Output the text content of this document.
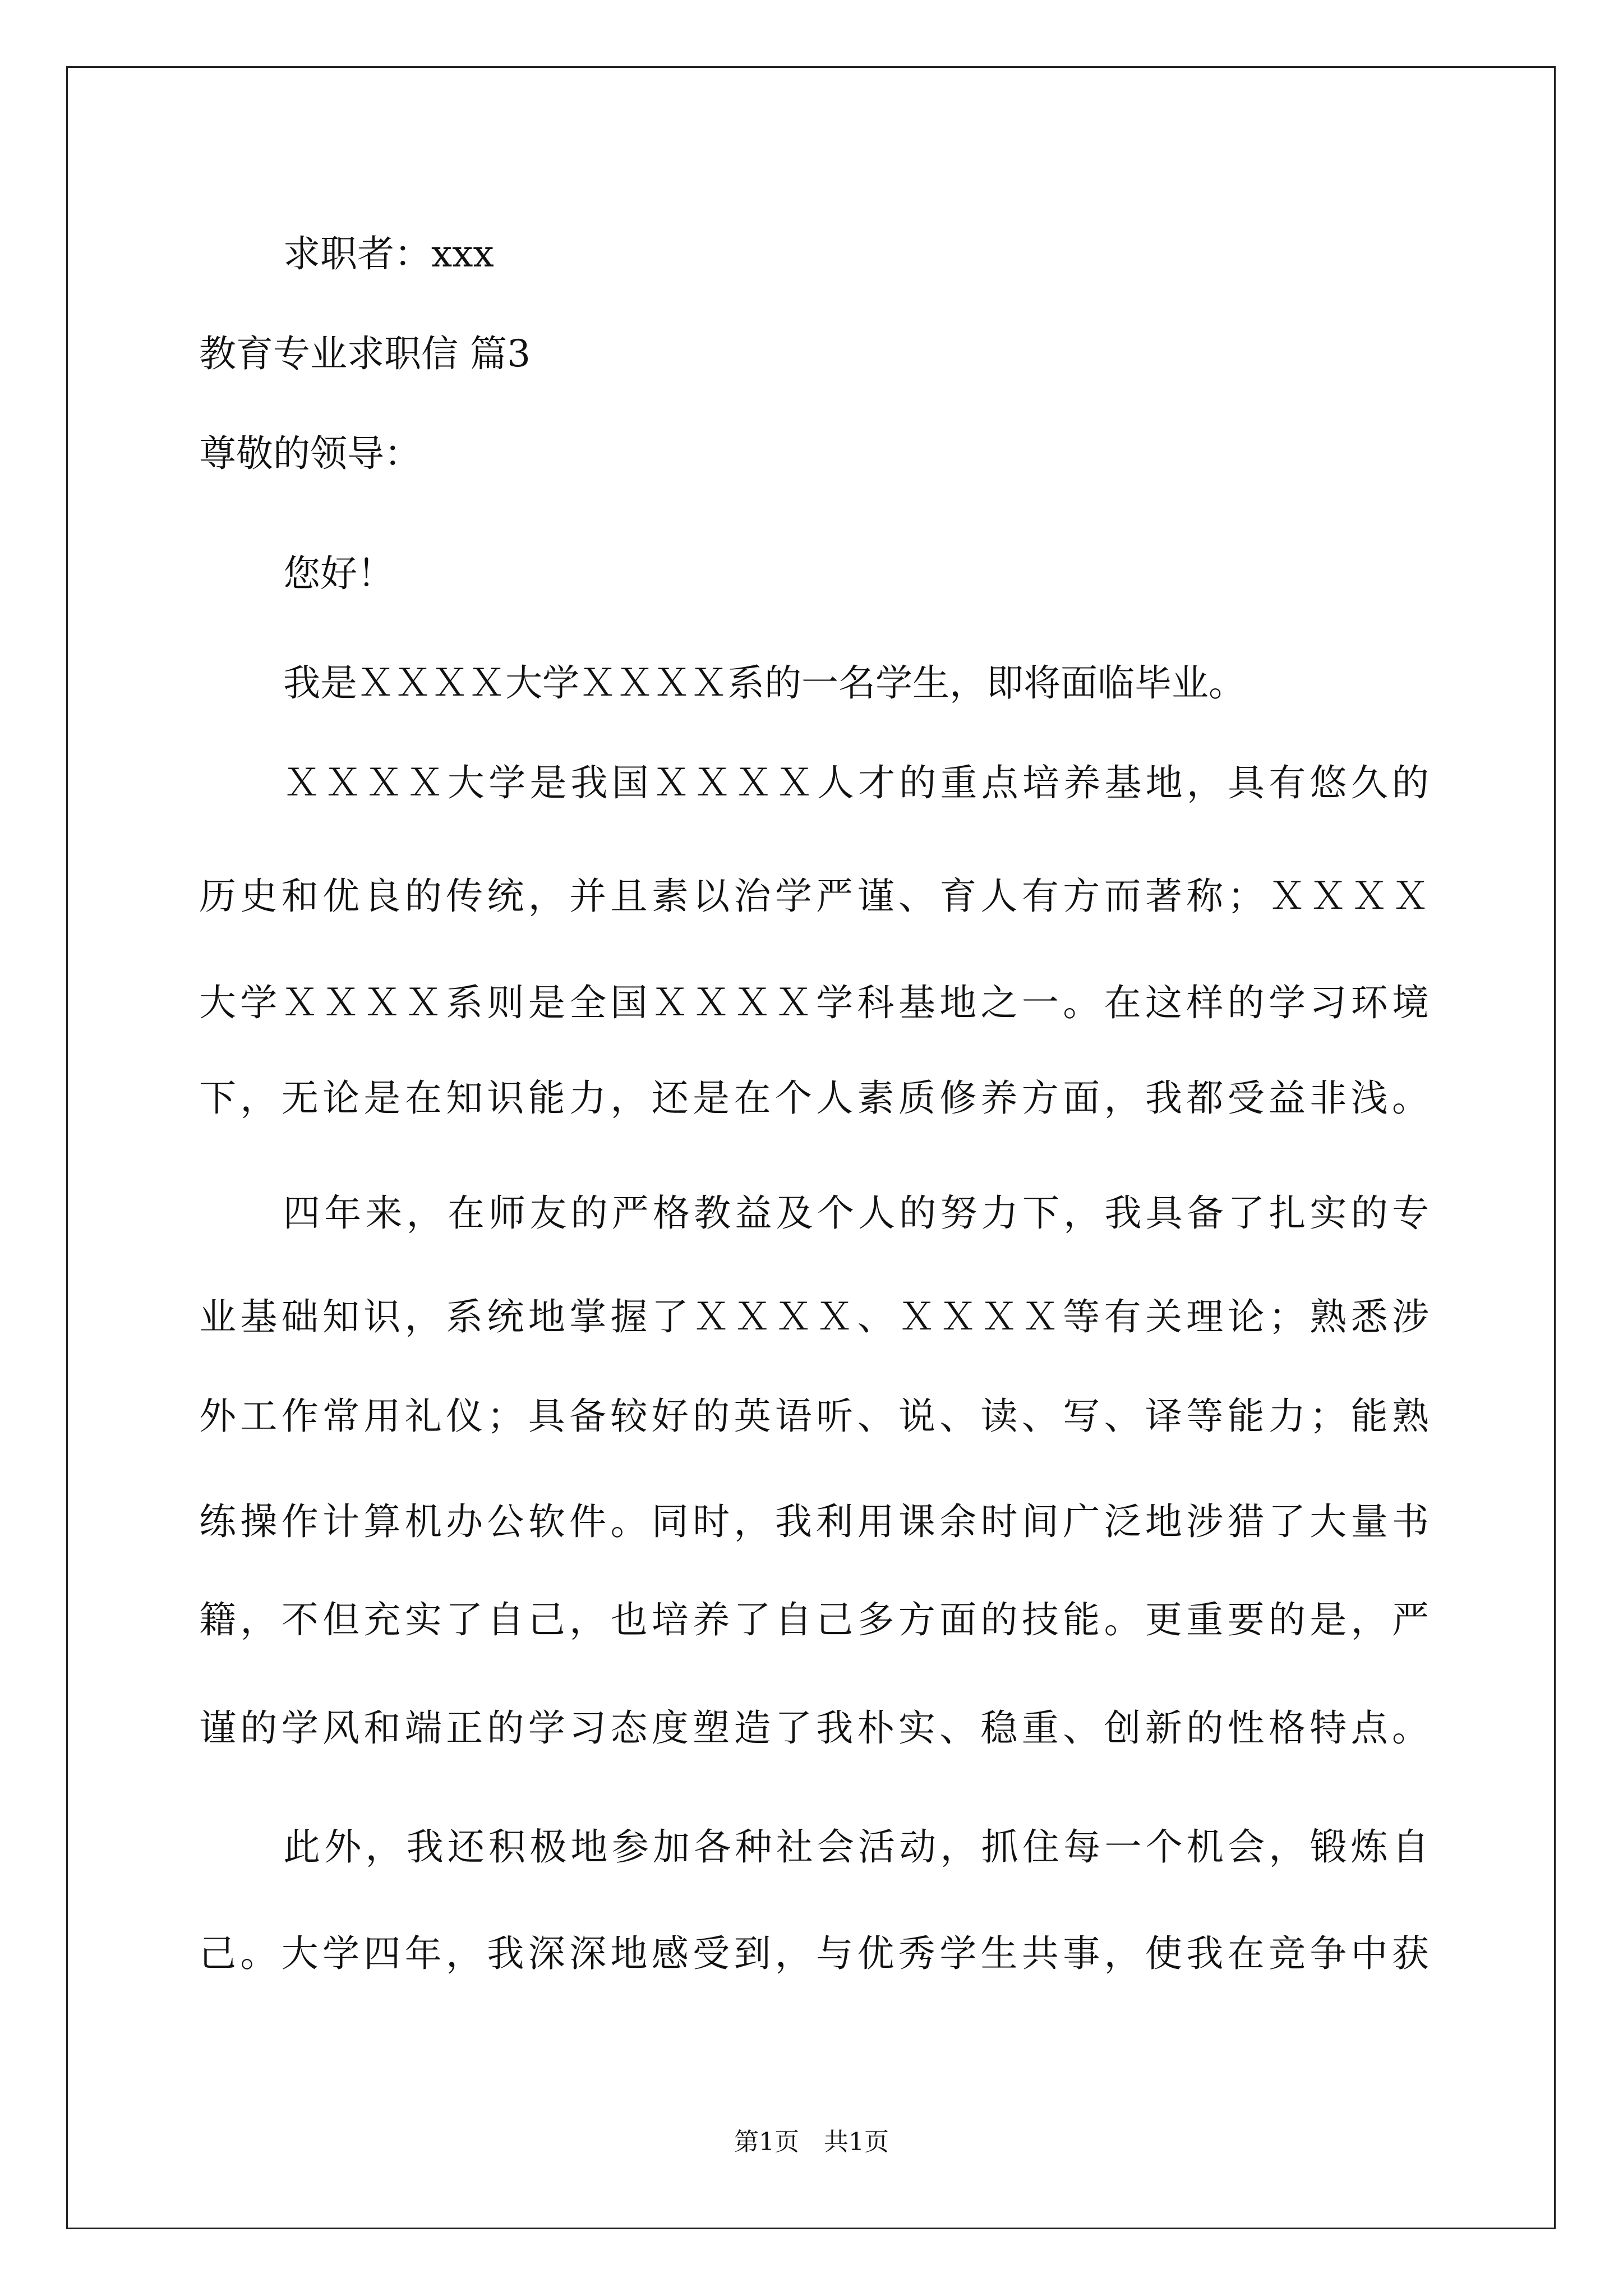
求职者：xxx
教育专业求职信 篇3
尊敬的领导：
您好！
我是ＸＸＸＸ大学ＸＸＸＸ系的一名学生，即将面临毕业。
ＸＸＸＸ大学是我国ＸＸＸＸ人才的重点培养基地，具有悠久的
历史和优良的传统，并且素以治学严谨、育人有方而著称；ＸＸＸＸ
大学ＸＸＸＸ系则是全国ＸＸＸＸ学科基地之一。在这样的学习环境
下，无论是在知识能力，还是在个人素质修养方面，我都受益非浅。
四年来，在师友的严格教益及个人的努力下，我具备了扎实的专
业基础知识，系统地掌握了ＸＸＸＸ、ＸＸＸＸ等有关理论；熟悉涉
外工作常用礼仪；具备较好的英语听、说、读、写、译等能力；能熟
练操作计算机办公软件。同时，我利用课余时间广泛地涉猎了大量书
籍，不但充实了自己，也培养了自己多方面的技能。更重要的是，严
谨的学风和端正的学习态度塑造了我朴实、稳重、创新的性格特点。
此外，我还积极地参加各种社会活动，抓住每一个机会，锻炼自
己。大学四年，我深深地感受到，与优秀学生共事，使我在竞争中获
第1页　共1页
